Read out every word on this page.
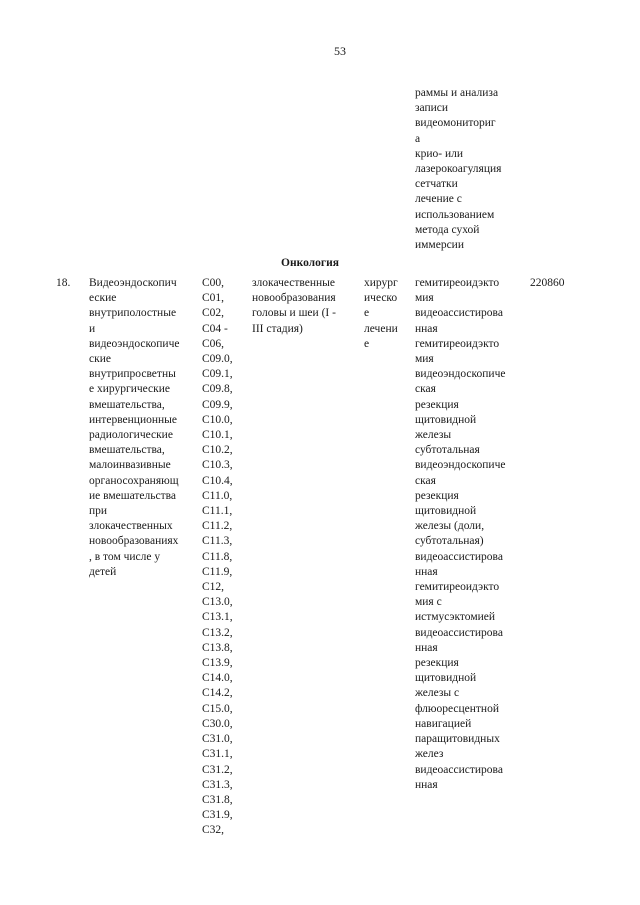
53
раммы и анализа
записи
видеомониториг
а
крио- или
лазерокоагуляция
сетчатки
лечение с
использованием
метода сухой
иммерсии
Онкология
18.	Видеоэндоскопич
еские
внутриполостные
и
видеоэндоскопиче
ские
внутрипросветны
е хирургические
вмешательства,
интервенционные
радиологические
вмешательства,
малоинвазивные
органосохраняющ
ие вмешательства
при
злокачественных
новообразованиях
, в том числе у
детей
C00,
C01,
C02,
C04 -
C06,
C09.0,
C09.1,
C09.8,
C09.9,
C10.0,
C10.1,
C10.2,
C10.3,
C10.4,
C11.0,
C11.1,
C11.2,
C11.3,
C11.8,
C11.9,
C12,
C13.0,
C13.1,
C13.2,
C13.8,
C13.9,
C14.0,
C14.2,
C15.0,
C30.0,
C31.0,
C31.1,
C31.2,
C31.3,
C31.8,
C31.9,
C32,
злокачественные
новообразования
головы и шеи (I -
III стадия)
хирург
ическо
е
лечени
е
гемитиреоидэкто
мия
видеоассистирова
нная
гемитиреоидэкто
мия
видеоэндоскопиче
ская
резекция
щитовидной
железы
субтотальная
видеоэндоскопиче
ская
резекция
щитовидной
железы (доли,
субтотальная)
видеоассистирова
нная
гемитиреоидэкто
мия с
истмусэктомией
видеоассистирова
нная
резекция
щитовидной
железы с
флюоресцентной
навигацией
паращитовидных
желез
видеоассистирова
нная
220860
